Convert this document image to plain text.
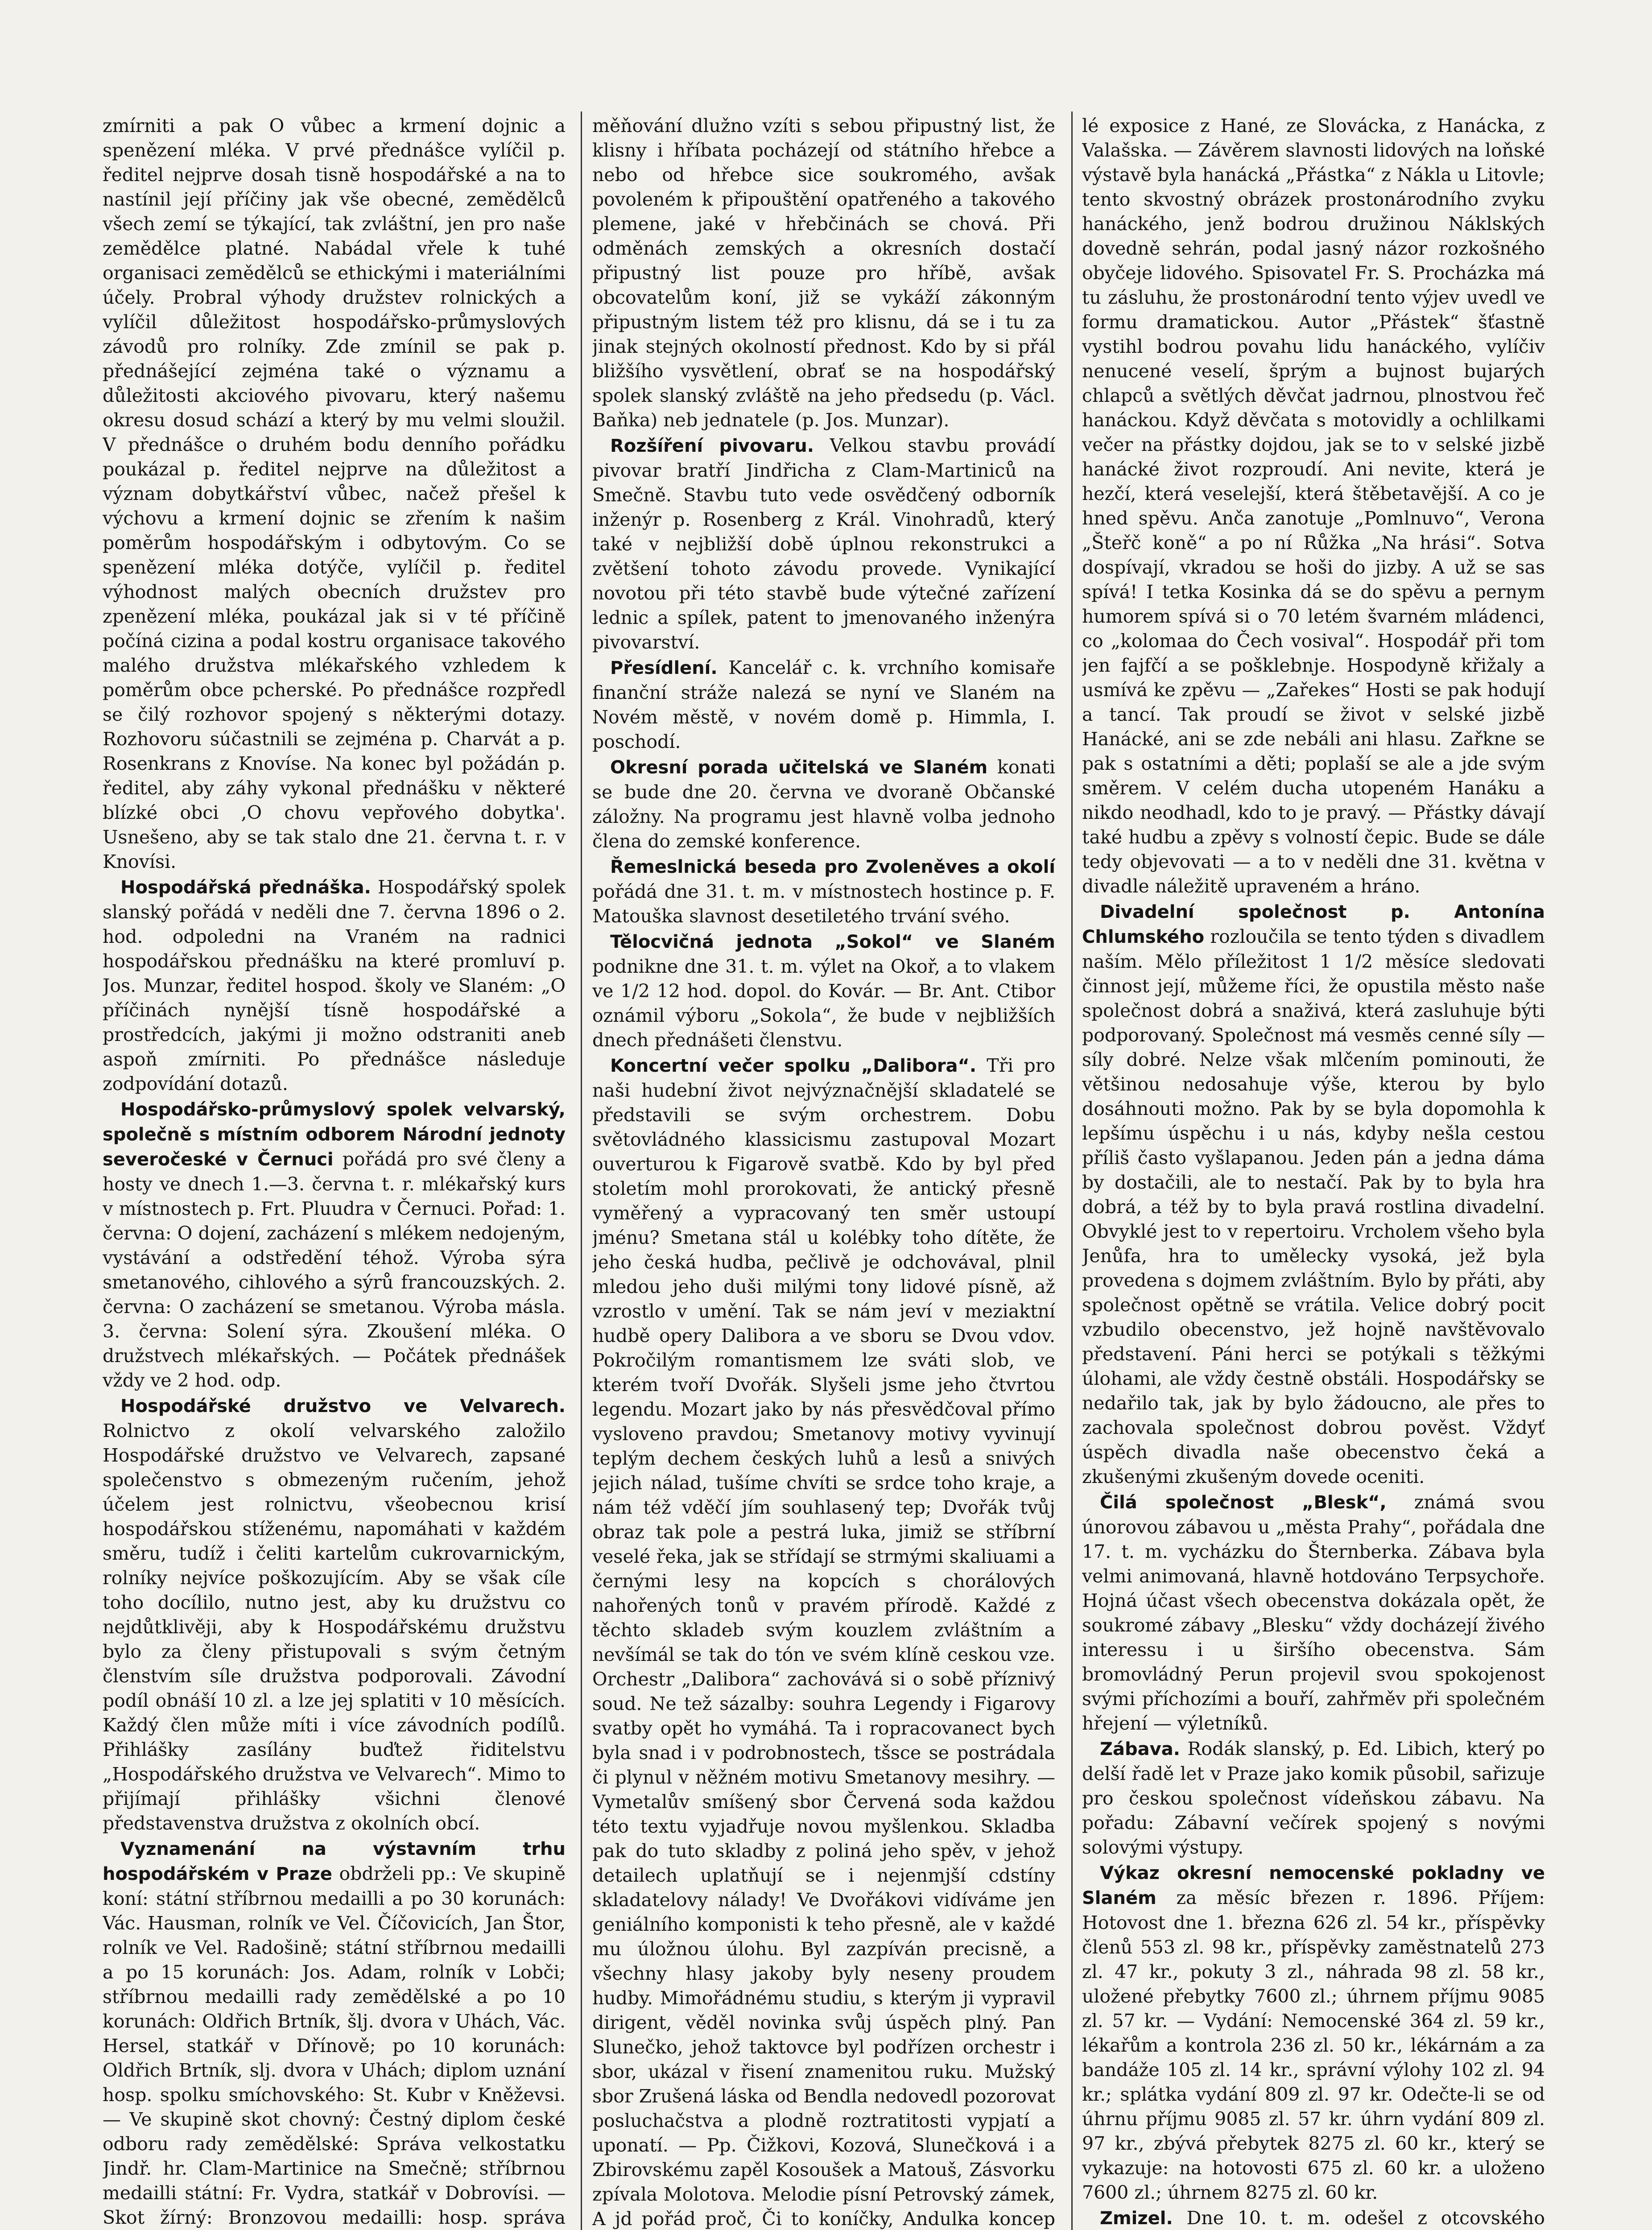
zmírniti a pak O vůbec a krmení dojnic a spenězení mléka. V prvé přednášce vylíčil p. ředitel nejprve dosah tisně hospodářské a na to nastínil její příčiny jak vše obecné, zemědělců všech zemí se týkající, tak zvláštní, jen pro naše zemědělce platné. Nabádal vřele k tuhé organisaci zemědělců se ethickými i materiálními účely. Probral výhody družstev rolnických a vylíčil důležitost hospodářsko-průmyslových závodů pro rolníky. Zde zmínil se pak p. přednášející zejména také o významu a důležitosti akciového pivovaru, který našemu okresu dosud schází a který by mu velmi sloužil. V přednášce o druhém bodu denního pořádku poukázal p. ředitel nejprve na důležitost a význam dobytkářství vůbec, načež přešel k výchovu a krmení dojnic se zřením k našim poměrům hospodářským i odbytovým. Co se spenězení mléka dotýče, vylíčil p. ředitel výhodnost malých obecních družstev pro zpenězení mléka, poukázal jak si v té příčině počíná cizina a podal kostru organisace takového malého družstva mlékařského vzhledem k poměrům obce pcherské. Po přednášce rozpředl se čilý rozhovor spojený s některými dotazy. Rozhovoru súčastnili se zejména p. Charvát a p. Rosenkrans z Knovíse. Na konec byl požádán p. ředitel, aby záhy vykonal přednášku v některé blízké obci ,O chovu vepřového dobytka'. Usnešeno, aby se tak stalo dne 21. června t. r. v Knovísi.

Hospodářská přednáška. Hospodářský spolek slanský pořádá v neděli dne 7. června 1896 o 2. hod. odpoledni na Vraném na radnici hospodářskou přednášku na které promluví p. Jos. Munzar, ředitel hospod. školy ve Slaném: „O příčinách nynější tísně hospodářské a prostředcích, jakými ji možno odstraniti aneb aspoň zmírniti. Po přednášce následuje zodpovídání dotazů.

Hospodářsko-průmyslový spolek velvarský, společně s místním odborem Národní jednoty severočeské v Černuci pořádá pro své členy a hosty ve dnech 1.—3. června t. r. mlékařský kurs v místnostech p. Frt. Pluudra v Černuci. Pořad: 1. června: O dojení, zacházení s mlékem nedojeným, vystávání a odstředění téhož. Výroba sýra smetanového, cihlového a sýrů francouzských. 2. června: O zacházení se smetanou. Výroba másla. 3. června: Solení sýra. Zkoušení mléka. O družstvech mlékařských. — Počátek přednášek vždy ve 2 hod. odp.

Hospodářské družstvo ve Velvarech. Rolnictvo z okolí velvarského založilo Hospodářské družstvo ve Velvarech, zapsané společenstvo s obmezeným ručením, jehož účelem jest rolnictvu, všeobecnou krisí hospodářskou stíženému, napomáhati v každém směru, tudíž i čeliti kartelům cukrovarnickým, rolníky nejvíce poškozujícím. Aby se však cíle toho docílilo, nutno jest, aby ku družstvu co nejdůtklivěji, aby k Hospodářskému družstvu bylo za členy přistupovali s svým četným členstvím síle družstva podporovali. Závodní podíl obnáší 10 zl. a lze jej splatiti v 10 měsících. Každý člen může míti i více závodních podílů. Přihlášky zasílány buďtež řiditelstvu „Hospodářského družstva ve Velvarech“. Mimo to přijímají přihlášky všichni členové představenstva družstva z okolních obcí.

Vyznamenání na výstavním trhu hospodářském v Praze obdrželi pp.: Ve skupině koní: státní stříbrnou medailli a po 30 korunách: Vác. Hausman, rolník ve Vel. Číčovicích, Jan Štor, rolník ve Vel. Radošině; státní stříbrnou medailli a po 15 korunách: Jos. Adam, rolník v Lobči; stříbrnou medailli rady zemědělské a po 10 korunách: Oldřich Brtník, šlj. dvora v Uhách, Vác. Hersel, statkář v Dřínově; po 10 korunách: Oldřich Brtník, slj. dvora v Uhách; diplom uznání hosp. spolku smíchovského: St. Kubr v Kněževsi. — Ve skupině skot chovný: Čestný diplom české odboru rady zemědělské: Správa velkostatku Jindř. hr. Clam-Martinice na Smečně; stříbrnou medailli státní: Fr. Vydra, statkář v Dobrovísi. — Skot žírný: Bronzovou medailli: hosp. správa

měňování dlužno vzíti s sebou připustný list, že klisny i hříbata pocházejí od státního hřebce a nebo od hřebce sice soukromého, avšak povoleném k připouštění opatřeného a takového plemene, jaké v hřebčinách se chová. Při odměnách zemských a okresních dostačí připustný list pouze pro hříbě, avšak obcovatelům koní, již se vykáží zákonným připustným listem též pro klisnu, dá se i tu za jinak stejných okolností přednost. Kdo by si přál bližšího vysvětlení, obrať se na hospodářský spolek slanský zvláště na jeho předsedu (p. Václ. Baňka) neb jednatele (p. Jos. Munzar).

Rozšíření pivovaru. Velkou stavbu provádí pivovar bratří Jindřicha z Clam-Martiniců na Smečně. Stavbu tuto vede osvědčený odborník inženýr p. Rosenberg z Král. Vinohradů, který také v nejbližší době úplnou rekonstrukci a zvětšení tohoto závodu provede. Vynikající novotou při této stavbě bude výtečné zařízení lednic a spílek, patent to jmenovaného inženýra pivovarství.

Přesídlení. Kancelář c. k. vrchního komisaře finanční stráže nalezá se nyní ve Slaném na Novém městě, v novém domě p. Himmla, I. poschodí.

Okresní porada učitelská ve Slaném konati se bude dne 20. června ve dvoraně Občanské záložny. Na programu jest hlavně volba jednoho člena do zemské konference.

Řemeslnická beseda pro Zvoleněves a okolí pořádá dne 31. t. m. v místnostech hostince p. F. Matouška slavnost desetiletého trvání svého.

Tělocvičná jednota „Sokol“ ve Slaném podnikne dne 31. t. m. výlet na Okoř, a to vlakem ve 1/2 12 hod. dopol. do Kovár. — Br. Ant. Ctibor oznámil výboru „Sokola“, že bude v nejbližších dnech přednášeti členstvu.

Koncertní večer spolku „Dalibora“. Tři pro naši hudební život nejvýznačnější skladatelé se představili se svým orchestrem. Dobu světovládného klassicismu zastupoval Mozart ouverturou k Figarově svatbě. Kdo by byl před stoletím mohl prorokovati, že antický přesně vyměřený a vypracovaný ten směr ustoupí jménu? Smetana stál u kolébky toho dítěte, že jeho česká hudba, pečlivě je odchovával, plnil mledou jeho duši milými tony lidové písně, až vzrostlo v umění. Tak se nám jeví v meziaktní hudbě opery Dalibora a ve sboru se Dvou vdov. Pokročilým romantismem lze sváti slob, ve kterém tvoří Dvořák. Slyšeli jsme jeho čtvrtou legendu. Mozart jako by nás přesvědčoval přímo vysloveno pravdou; Smetanovy motivy vyvinují teplým dechem českých luhů a lesů a snivých jejich nálad, tušíme chvíti se srdce toho kraje, a nám též vděčí jím souhlasený tep; Dvořák tvůj obraz tak pole a pestrá luka, jimiž se stříbrní veselé řeka, jak se střídají se strmými skaliuami a černými lesy na kopcích s chorálových nahořených tonů v pravém přírodě. Každé z těchto skladeb svým kouzlem zvláštním a nevšímál se tak do tón ve svém klíně ceskou vze. Orchestr „Dalibora“ zachovává si o sobě příznivý soud. Ne tež sázalby: souhra Legendy i Figarovy svatby opět ho vymáhá. Ta i ropracovanect bych byla snad i v podrobnostech, tšsce se postrádala či plynul v něžném motivu Smetanovy mesihry. — Vymetalův smíšený sbor Červená soda každou této textu vyjadřuje novou myšlenkou. Skladba pak do tuto skladby z poliná jeho spěv, v jehož detailech uplatňují se i nejenmjší cdstíny skladatelovy nálady! Ve Dvořákovi vidíváme jen geniálního komponisti k teho přesně, ale v každé mu úložnou úlohu. Byl zazpíván precisně, a všechny hlasy jakoby byly neseny proudem hudby. Mimořádnému studiu, s kterým ji vypravil dirigent, věděl novinka svůj úspěch plný. Pan Slunečko, jehož taktovce byl podřízen orchestr i sbor, ukázal v řisení znamenitou ruku. Mužský sbor Zrušená láska od Bendla nedovedl pozorovat posluchačstva a plodně roztratitosti vypjatí a uponatí. — Pp. Čižkovi, Kozová, Slunečková i a Zbirovskému zapěl Kosoušek a Matouš, Zásvorku zpívala Molotova. Melodie písní Petrovský zámek, A jd pořád proč, Či to koníčky, Andulka koncep

lé exposice z Hané, ze Slovácka, z Hanácka, z Valašska. — Závěrem slavnosti lidových na loňské výstavě byla hanácká „Přástka“ z Nákla u Litovle; tento skvostný obrázek prostonárodního zvyku hanáckého, jenž bodrou družinou Náklských dovedně sehrán, podal jasný názor rozkošného obyčeje lidového. Spisovatel Fr. S. Procházka má tu zásluhu, že prostonárodní tento výjev uvedl ve formu dramatickou. Autor „Přástek“ šťastně vystihl bodrou povahu lidu hanáckého, vylíčiv nenucené veselí, šprým a bujnost bujarých chlapců a světlých děvčat jadrnou, plnostvou řeč hanáckou. Když děvčata s motovidly a ochlilkami večer na přástky dojdou, jak se to v selské jizbě hanácké život rozproudí. Ani nevite, která je hezčí, která veselejší, která štěbetavější. A co je hned spěvu. Anča zanotuje „Pomlnuvo“, Verona „Šteřč koně“ a po ní Růžka „Na hrási“. Sotva dospívají, vkradou se hoši do jizby. A už se sas spívá! I tetka Kosinka dá se do spěvu a pernym humorem spívá si o 70 letém švarném mládenci, co „kolomaa do Čech vosival“. Hospodář při tom jen fajfčí a se pošklebnje. Hospodyně křižaly a usmívá ke zpěvu — „Zařekes“ Hosti se pak hodují a tancí. Tak proudí se život v selské jizbě Hanácké, ani se zde nebáli ani hlasu. Zařkne se pak s ostatními a děti; poplaší se ale a jde svým směrem. V celém ducha utopeném Hanáku a nikdo neodhadl, kdo to je pravý. — Přástky dávají také hudbu a zpěvy s volností čepic. Bude se dále tedy objevovati — a to v neděli dne 31. května v divadle náležitě upraveném a hráno.

Divadelní společnost p. Antonína Chlumského rozloučila se tento týden s divadlem naším. Mělo příležitost 1 1/2 měsíce sledovati činnost její, můžeme říci, že opustila město naše společnost dobrá a snaživá, která zasluhuje býti podporovaný. Společnost má vesměs cenné síly — síly dobré. Nelze však mlčením pominouti, že většinou nedosahuje výše, kterou by bylo dosáhnouti možno. Pak by se byla dopomohla k lepšímu úspěchu i u nás, kdyby nešla cestou příliš často vyšlapanou. Jeden pán a jedna dáma by dostačili, ale to nestačí. Pak by to byla hra dobrá, a též by to byla pravá rostlina divadelní. Obvyklé jest to v repertoiru. Vrcholem všeho byla Jenůfa, hra to umělecky vysoká, jež byla provedena s dojmem zvláštním. Bylo by přáti, aby společnost opětně se vrátila. Velice dobrý pocit vzbudilo obecenstvo, jež hojně navštěvovalo představení. Páni herci se potýkali s těžkými úlohami, ale vždy čestně obstáli. Hospodářsky se nedařilo tak, jak by bylo žádoucno, ale přes to zachovala společnost dobrou pověst. Vždyť úspěch divadla naše obecenstvo čeká a zkušenými zkušeným dovede oceniti.

Čilá společnost „Blesk“, známá svou únorovou zábavou u „města Prahy“, pořádala dne 17. t. m. vycházku do Šternberka. Zábava byla velmi animovaná, hlavně hotdováno Terpsychoře. Hojná účast všech obecenstva dokázala opět, že soukromé zábavy „Blesku“ vždy docházejí živého interessu i u širšího obecenstva. Sám bromovládný Perun projevil svou spokojenost svými příchozími a bouří, zahřměv při společném hřejení — výletníků.

Zábava. Rodák slanský, p. Ed. Libich, který po delší řadě let v Praze jako komik působil, sařizuje pro českou společnost vídeňskou zábavu. Na pořadu: Zábavní večírek spojený s novými solovými výstupy.

Výkaz okresní nemocenské pokladny ve Slaném za měsíc březen r. 1896. Příjem: Hotovost dne 1. března 626 zl. 54 kr., příspěvky členů 553 zl. 98 kr., příspěvky zaměstnatelů 273 zl. 47 kr., pokuty 3 zl., náhrada 98 zl. 58 kr., uložené přebytky 7600 zl.; úhrnem příjmu 9085 zl. 57 kr. — Vydání: Nemocenské 364 zl. 59 kr., lékařům a kontrola 236 zl. 50 kr., lékárnám a za bandáže 105 zl. 14 kr., správní výlohy 102 zl. 94 kr.; splátka vydání 809 zl. 97 kr. Odečte-li se od úhrnu příjmu 9085 zl. 57 kr. úhrn vydání 809 zl. 97 kr., zbývá přebytek 8275 zl. 60 kr., který se vykazuje: na hotovosti 675 zl. 60 kr. a uloženo 7600 zl.; úhrnem 8275 zl. 60 kr.

Zmizel. Dne 10. t. m. odešel z otcovského
